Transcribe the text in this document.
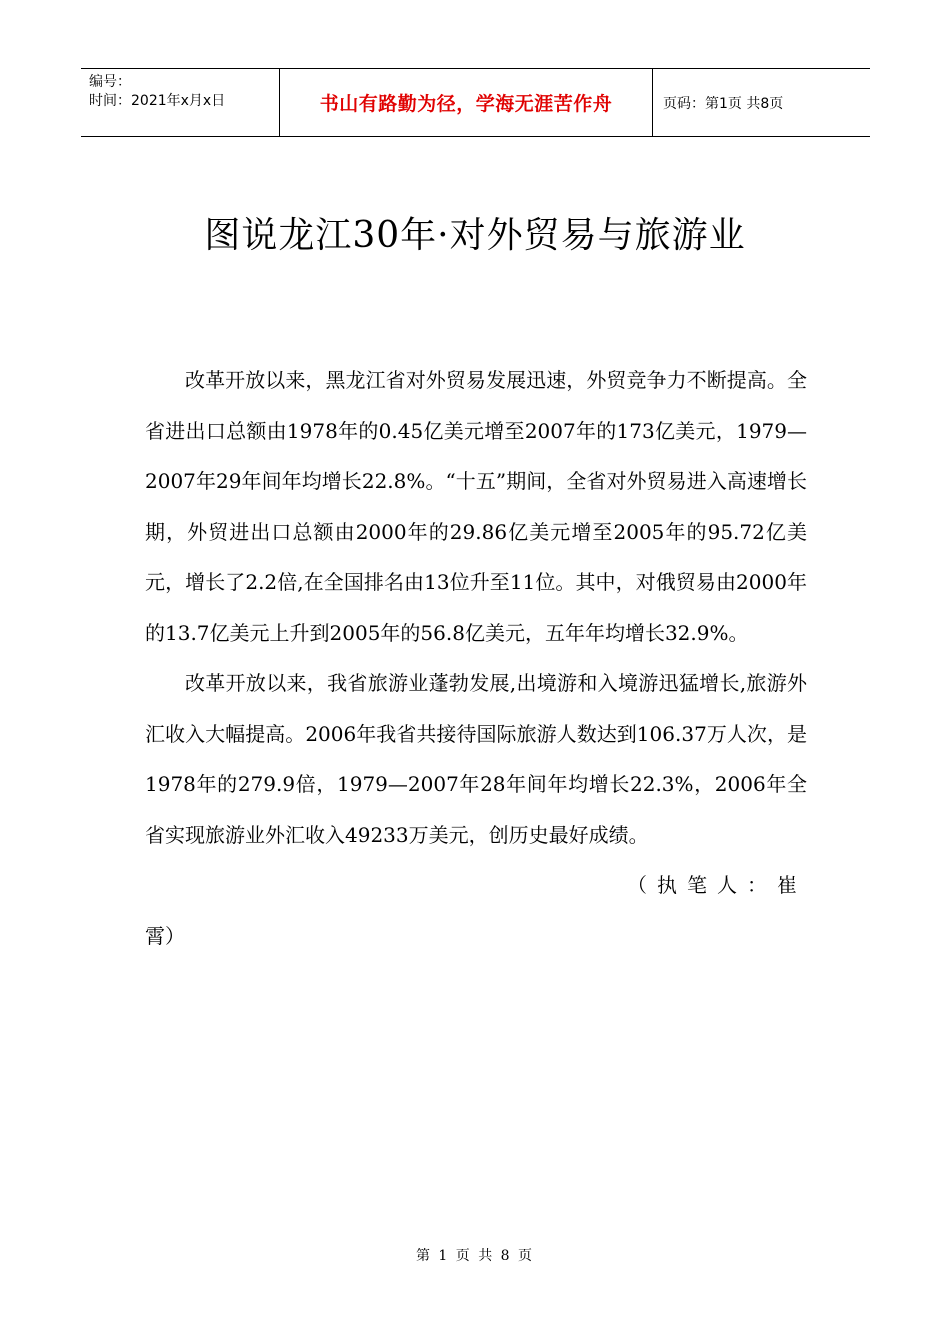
编号：
时间：2021年x月x日	书山有路勤为径，学海无涯苦作舟	页码：第1页 共8页
图说龙江30年·对外贸易与旅游业

改革开放以来，黑龙江省对外贸易发展迅速，外贸竞争力不断提高。全省进出口总额由1978年的0.45亿美元增至2007年的173亿美元，1979—2007年29年间年均增长22.8%。“十五”期间，全省对外贸易进入高速增长期，外贸进出口总额由2000年的29.86亿美元增至2005年的95.72亿美元，增长了2.2倍,在全国排名由13位升至11位。其中，对俄贸易由2000年的13.7亿美元上升到2005年的56.8亿美元，五年年均增长32.9%。

改革开放以来，我省旅游业蓬勃发展,出境游和入境游迅猛增长,旅游外汇收入大幅提高。2006年我省共接待国际旅游人数达到106.37万人次，是1978年的279.9倍，1979—2007年28年间年均增长22.3%，2006年全省实现旅游业外汇收入49233万美元，创历史最好成绩。

（执笔人：崔

霄）

第 1 页 共 8 页
